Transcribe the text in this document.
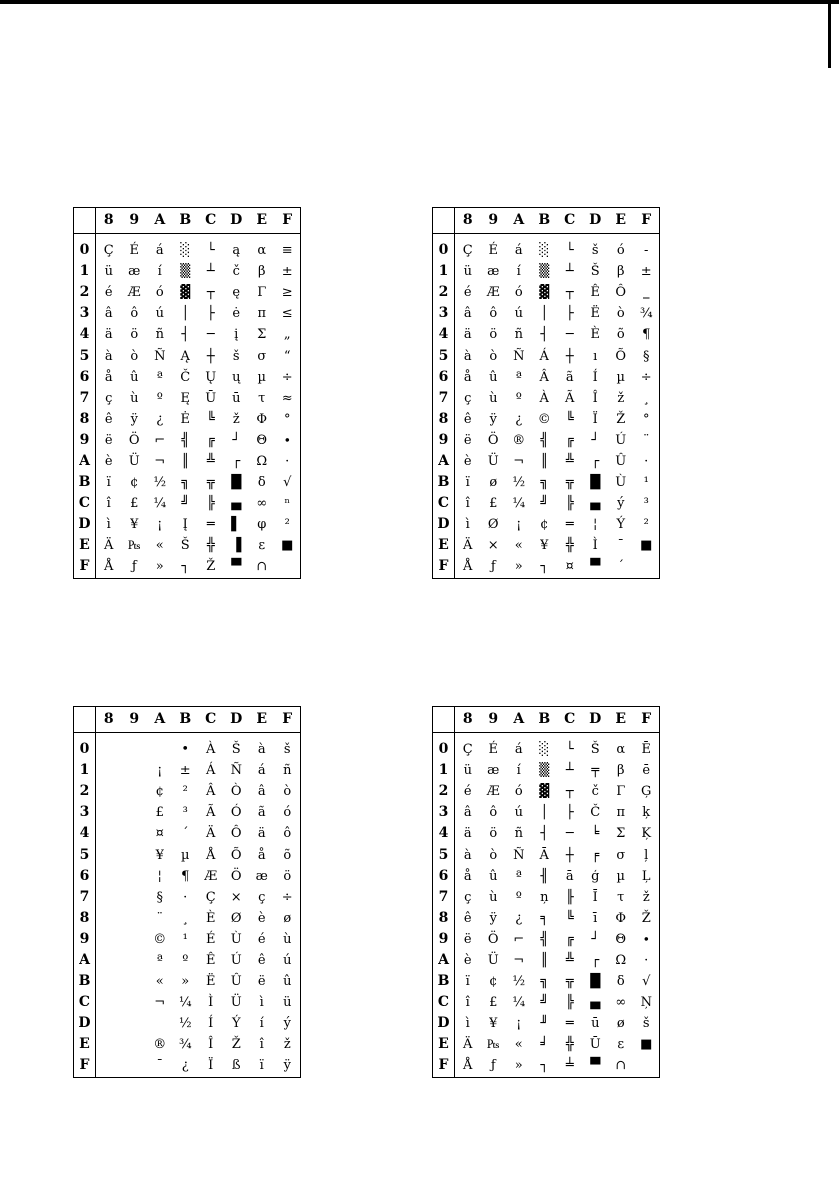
	8	9	A	B	C	D	E	F
0	Ç	É	á	░	└	ą	α	≡
1	ü	æ	í	▒	┴	č	β	±
2	é	Æ	ó	▓	┬	ę	Γ	≥
3	â	ô	ú	│	├	ė	π	≤
4	ä	ö	ñ	┤	─	į	Σ	„
5	à	ò	Ñ	Ą	┼	š	σ	“
6	å	û	ª	Č	Ų	ų	µ	÷
7	ç	ù	º	Ę	Ū	ū	τ	≈
8	ê	ÿ	¿	Ė	╚	ž	Φ	°
9	ë	Ö	⌐	╣	╔	┘	Θ	∙
A	è	Ü	¬	║	╩	┌	Ω	·
B	ï	¢	½	╗	╦	█	δ	√
C	î	£	¼	╝	╠	▄	∞	ⁿ
D	ì	¥	¡	Į	═	▌	φ	²
E	Ä	₧	«	Š	╬	▐	ε	■
F	Å	ƒ	»	┐	Ž	▀	∩	
	8	9	A	B	C	D	E	F
0	Ç	É	á	░	└	š	ó	‑
1	ü	æ	í	▒	┴	Š	β	±
2	é	Æ	ó	▓	┬	Ê	Ô	‗
3	â	ô	ú	│	├	Ë	ò	¾
4	ä	ö	ñ	┤	─	È	õ	¶
5	à	ò	Ñ	Á	┼	ı	Õ	§
6	å	û	ª	Â	ã	Í	µ	÷
7	ç	ù	º	À	Ã	Î	ž	¸
8	ê	ÿ	¿	©	╚	Ï	Ž	°
9	ë	Ö	®	╣	╔	┘	Ú	¨
A	è	Ü	¬	║	╩	┌	Û	·
B	ï	ø	½	╗	╦	█	Ù	¹
C	î	£	¼	╝	╠	▄	ý	³
D	ì	Ø	¡	¢	═	¦	Ý	²
E	Ä	×	«	¥	╬	Ì	¯	■
F	Å	ƒ	»	┐	¤	▀	´	
	8	9	A	B	C	D	E	F
0				•	À	Š	à	š
1			¡	±	Á	Ñ	á	ñ
2			¢	²	Â	Ò	â	ò
3			£	³	Ã	Ó	ã	ó
4			¤	´	Ä	Ô	ä	ô
5			¥	µ	Å	Õ	å	õ
6			¦	¶	Æ	Ö	æ	ö
7			§	·	Ç	×	ç	÷
8			¨	¸	È	Ø	è	ø
9			©	¹	É	Ù	é	ù
A			ª	º	Ê	Ú	ê	ú
B			«	»	Ë	Û	ë	û
C			¬	¼	Ì	Ü	ì	ü
D				½	Í	Ý	í	ý
E			®	¾	Î	Ž	î	ž
F			¯	¿	Ï	ß	ï	ÿ
	8	9	A	B	C	D	E	F
0	Ç	É	á	░	└	Š	α	Ē
1	ü	æ	í	▒	┴	╤	β	ē
2	é	Æ	ó	▓	┬	č	Γ	Ģ
3	â	ô	ú	│	├	Č	π	ķ
4	ä	ö	ñ	┤	─	╘	Σ	Ķ
5	à	ò	Ñ	Ā	┼	╒	σ	ļ
6	å	û	ª	╢	ā	ģ	µ	Ļ
7	ç	ù	º	ņ	╟	Ī	τ	ž
8	ê	ÿ	¿	╕	╚	ī	Φ	Ž
9	ë	Ö	⌐	╣	╔	┘	Θ	∙
A	è	Ü	¬	║	╩	┌	Ω	·
B	ï	¢	½	╗	╦	█	δ	√
C	î	£	¼	╝	╠	▄	∞	Ņ
D	ì	¥	¡	╜	═	ū	ø	š
E	Ä	₧	«	╛	╬	Ū	ε	■
F	Å	ƒ	»	┐	╧	▀	∩	
